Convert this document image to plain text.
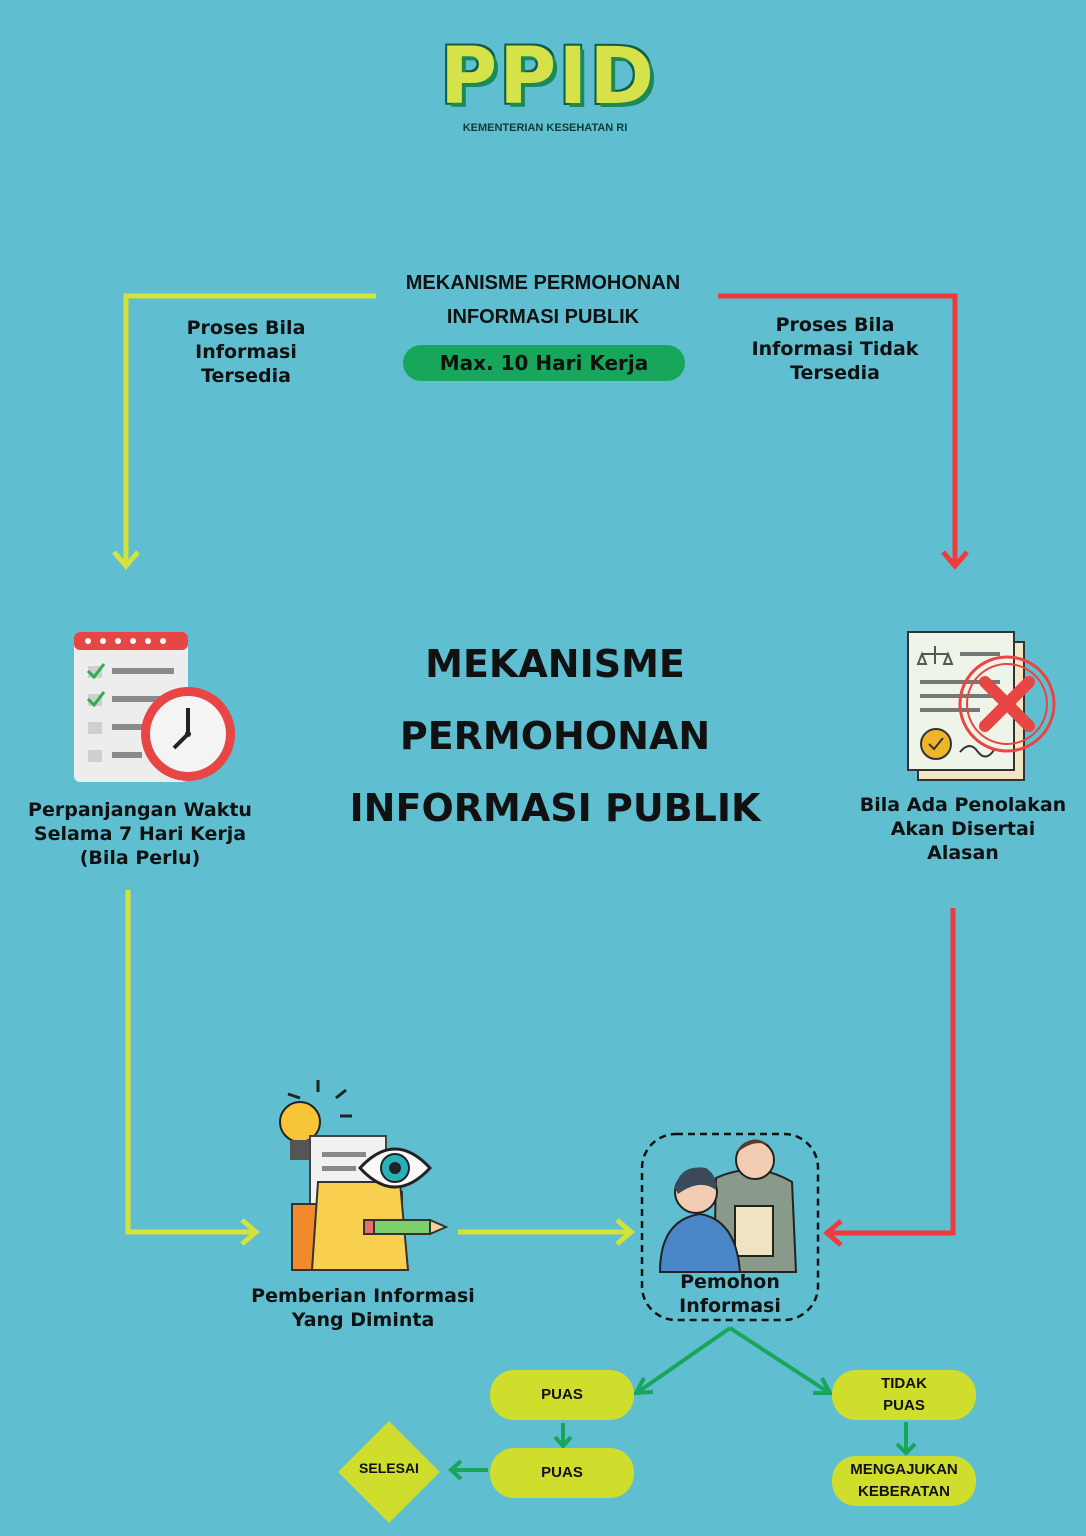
PPID
KEMENTERIAN KESEHATAN RI
MEKANISME PERMOHONAN
INFORMASI PUBLIK
Max. 10 Hari Kerja
Proses Bila
Informasi
Tersedia
Proses Bila
Informasi Tidak
Tersedia
MEKANISME
PERMOHONAN
INFORMASI PUBLIK
Perpanjangan Waktu
Selama 7 Hari Kerja
(Bila Perlu)
Bila Ada Penolakan
Akan Disertai
Alasan
Pemberian Informasi
Yang Diminta
Pemohon
Informasi
PUAS
PUAS
TIDAK
PUAS
MENGAJUKAN
KEBERATAN
SELESAI
